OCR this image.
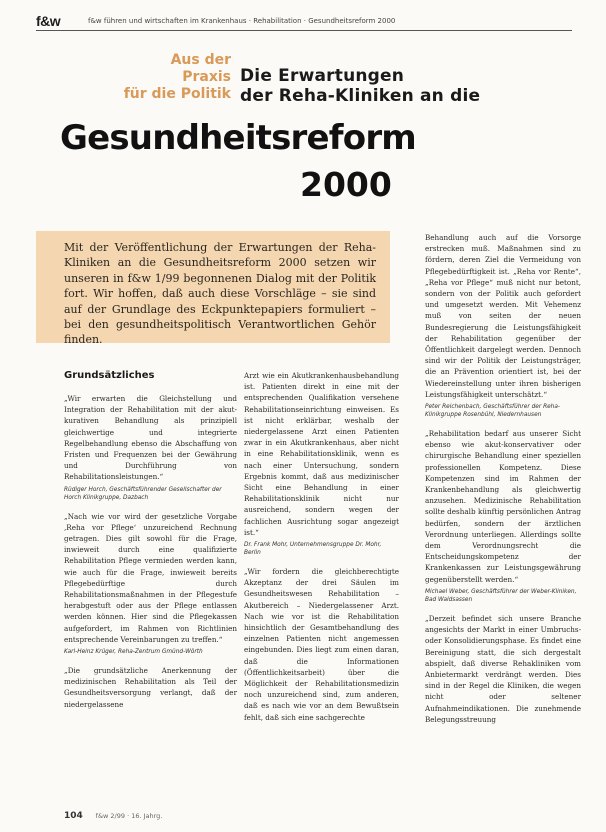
f&w	f&w führen und wirtschaften im Krankenhaus · Rehabilitation · Gesundheitsreform 2000
Aus der
Praxis
für die Politik
Die Erwartungen
der Reha-Kliniken an die
Gesundheitsreform
2000

Mit der Veröffentlichung der Erwartungen der Reha-Kliniken an die Gesundheitsreform 2000 setzen wir unseren in f&w 1/99 begonnenen Dialog mit der Politik fort. Wir hoffen, daß auch diese Vorschläge – sie sind auf der Grundlage des Eckpunktepapiers formuliert – bei den gesundheitspolitisch Verantwortlichen Gehör finden.

Grundsätzliches

„Wir erwarten die Gleichstellung und Integration der Rehabilitation mit der akut-kurativen Behandlung als prinzipiell gleichwertige und integrierte Regelbehandlung ebenso die Abschaffung von Fristen und Frequenzen bei der Gewährung und Durchführung von Rehabilitationsleistungen.“

Rüdiger Horch, Geschäftsführender Gesellschafter der Horch Klinikgruppe, Dazbach

„Nach wie vor wird der gesetzliche Vorgabe ‚Reha vor Pflege‘ unzureichend Rechnung getragen. Dies gilt sowohl für die Frage, inwieweit durch eine qualifizierte Rehabilitation Pflege vermieden werden kann, wie auch für die Frage, inwieweit bereits Pflegebedürftige durch Rehabilitationsmaßnahmen in der Pflegestufe herabgestuft oder aus der Pflege entlassen werden können. Hier sind die Pflegekassen aufgefordert, im Rahmen von Richtlinien entsprechende Vereinbarungen zu treffen.“

Karl-Heinz Krüger, Reha-Zentrum Gmünd-Wörth

„Die grundsätzliche Anerkennung der medizinischen Rehabilitation als Teil der Gesundheitsversorgung verlangt, daß der niedergelassene

Arzt wie ein Akutkrankenhausbehandlung ist. Patienten direkt in eine mit der entsprechenden Qualifikation versehene Rehabilitationseinrichtung einweisen. Es ist nicht erklärbar, weshalb der niedergelassene Arzt einen Patienten zwar in ein Akutkrankenhaus, aber nicht in eine Rehabilitationsklinik, wenn es nach einer Untersuchung, sondern Ergebnis kommt, daß aus medizinischer Sicht eine Behandlung in einer Rehabilitationsklinik nicht nur ausreichend, sondern wegen der fachlichen Ausrichtung sogar angezeigt ist.“

Dr. Frank Mohr, Unternehmensgruppe Dr. Mohr, Berlin

„Wir fordern die gleichberechtigte Akzeptanz der drei Säulen im Gesundheitswesen Rehabilitation – Akutbereich – Niedergelassener Arzt. Nach wie vor ist die Rehabilitation hinsichtlich der Gesamtbehandlung des einzelnen Patienten nicht angemessen eingebunden. Dies liegt zum einen daran, daß die Informationen (Öffentlichkeitsarbeit) über die Möglichkeit der Rehabilitationsmedizin noch unzureichend sind, zum anderen, daß es nach wie vor an dem Bewußtsein fehlt, daß sich eine sachgerechte

Behandlung auch auf die Vorsorge erstrecken muß. Maßnahmen sind zu fördern, deren Ziel die Vermeidung von Pflegebedürftigkeit ist. „Reha vor Rente“, „Reha vor Pflege“ muß nicht nur betont, sondern von der Politik auch gefordert und umgesetzt werden. Mit Vehemenz muß von seiten der neuen Bundesregierung die Leistungsfähigkeit der Rehabilitation gegenüber der Öffentlichkeit dargelegt werden. Dennoch sind wir der Politik der Leistungsträger, die an Prävention orientiert ist, bei der Wiedereinstellung unter ihren bisherigen Leistungsfähigkeit unterschätzt.“

Peter Reichenbach, Geschäftsführer der Reha-Klinikgruppe Rosenbühl, Niedernhausen

„Rehabilitation bedarf aus unserer Sicht ebenso wie akut-konservativer oder chirurgische Behandlung einer speziellen professionellen Kompetenz. Diese Kompetenzen sind im Rahmen der Krankenbehandlung als gleichwertig anzusehen. Medizinische Rehabilitation sollte deshalb künftig persönlichen Antrag bedürfen, sondern der ärztlichen Verordnung unterliegen. Allerdings sollte dem Verordnungsrecht die Entscheidungskompetenz der Krankenkassen zur Leistungsgewährung gegenüberstellt werden.“

Michael Weber, Geschäftsführer der Weber-Kliniken, Bad Waldsassen

„Derzeit befindet sich unsere Branche angesichts der Markt in einer Umbruchs- oder Konsolidierungsphase. Es findet eine Bereinigung statt, die sich dergestalt abspielt, daß diverse Rehakliniken vom Anbietermarkt verdrängt werden. Dies sind in der Regel die Kliniken, die wegen nicht oder seltener Aufnahmeindikationen. Die zunehmende Belegungsstreuung

104 f&w 2/99 · 16. Jahrg.
